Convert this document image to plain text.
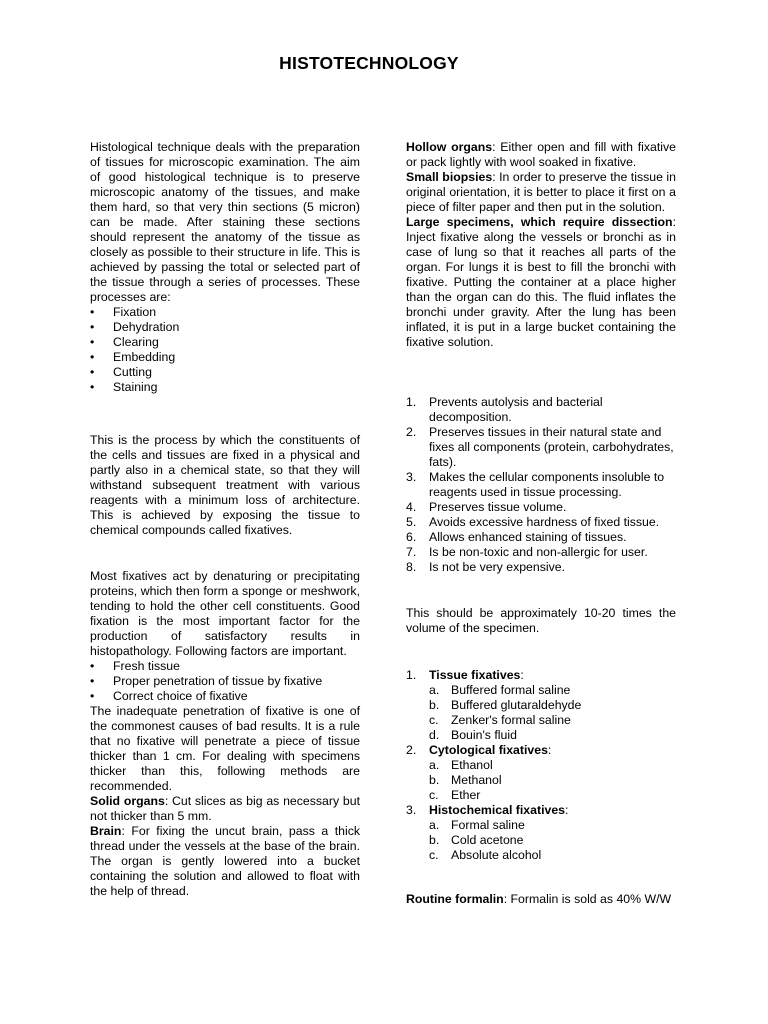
HISTOTECHNOLOGY

Histological technique deals with the preparation of tissues for microscopic examination. The aim of good histological technique is to preserve microscopic anatomy of the tissues, and make them hard, so that very thin sections (5 micron) can be made. After staining these sections should represent the anatomy of the tissue as closely as possible to their structure in life. This is achieved by passing the total or selected part of the tissue through a series of processes. These processes are:

• Fixation
• Dehydration
• Clearing
• Embedding
• Cutting
• Staining

This is the process by which the constituents of the cells and tissues are fixed in a physical and partly also in a chemical state, so that they will withstand subsequent treatment with various reagents with a minimum loss of architecture. This is achieved by exposing the tissue to chemical compounds called fixatives.

Most fixatives act by denaturing or precipitating proteins, which then form a sponge or meshwork, tending to hold the other cell constituents. Good fixation is the most important factor for the production of satisfactory results in histopathology. Following factors are important.

• Fresh tissue
• Proper penetration of tissue by fixative
• Correct choice of fixative

The inadequate penetration of fixative is one of the commonest causes of bad results. It is a rule that no fixative will penetrate a piece of tissue thicker than 1 cm. For dealing with specimens thicker than this, following methods are recommended.

Solid organs: Cut slices as big as necessary but not thicker than 5 mm.

Brain: For fixing the uncut brain, pass a thick thread under the vessels at the base of the brain. The organ is gently lowered into a bucket containing the solution and allowed to float with the help of thread.

Hollow organs: Either open and fill with fixative or pack lightly with wool soaked in fixative.

Small biopsies: In order to preserve the tissue in original orientation, it is better to place it first on a piece of filter paper and then put in the solution.

Large specimens, which require dissection: Inject fixative along the vessels or bronchi as in case of lung so that it reaches all parts of the organ. For lungs it is best to fill the bronchi with fixative. Putting the container at a place higher than the organ can do this. The fluid inflates the bronchi under gravity. After the lung has been inflated, it is put in a large bucket containing the fixative solution.

1. Prevents autolysis and bacterial decomposition.
2. Preserves tissues in their natural state and fixes all components (protein, carbohydrates, fats).
3. Makes the cellular components insoluble to reagents used in tissue processing.
4. Preserves tissue volume.
5. Avoids excessive hardness of fixed tissue.
6. Allows enhanced staining of tissues.
7. Is be non-toxic and non-allergic for user.
8. Is not be very expensive.

This should be approximately 10-20 times the volume of the specimen.

1. Tissue fixatives:
a. Buffered formal saline
b. Buffered glutaraldehyde
c. Zenker's formal saline
d. Bouin's fluid
2. Cytological fixatives:
a. Ethanol
b. Methanol
c. Ether
3. Histochemical fixatives:
a. Formal saline
b. Cold acetone
c. Absolute alcohol

Routine formalin: Formalin is sold as 40% W/W
